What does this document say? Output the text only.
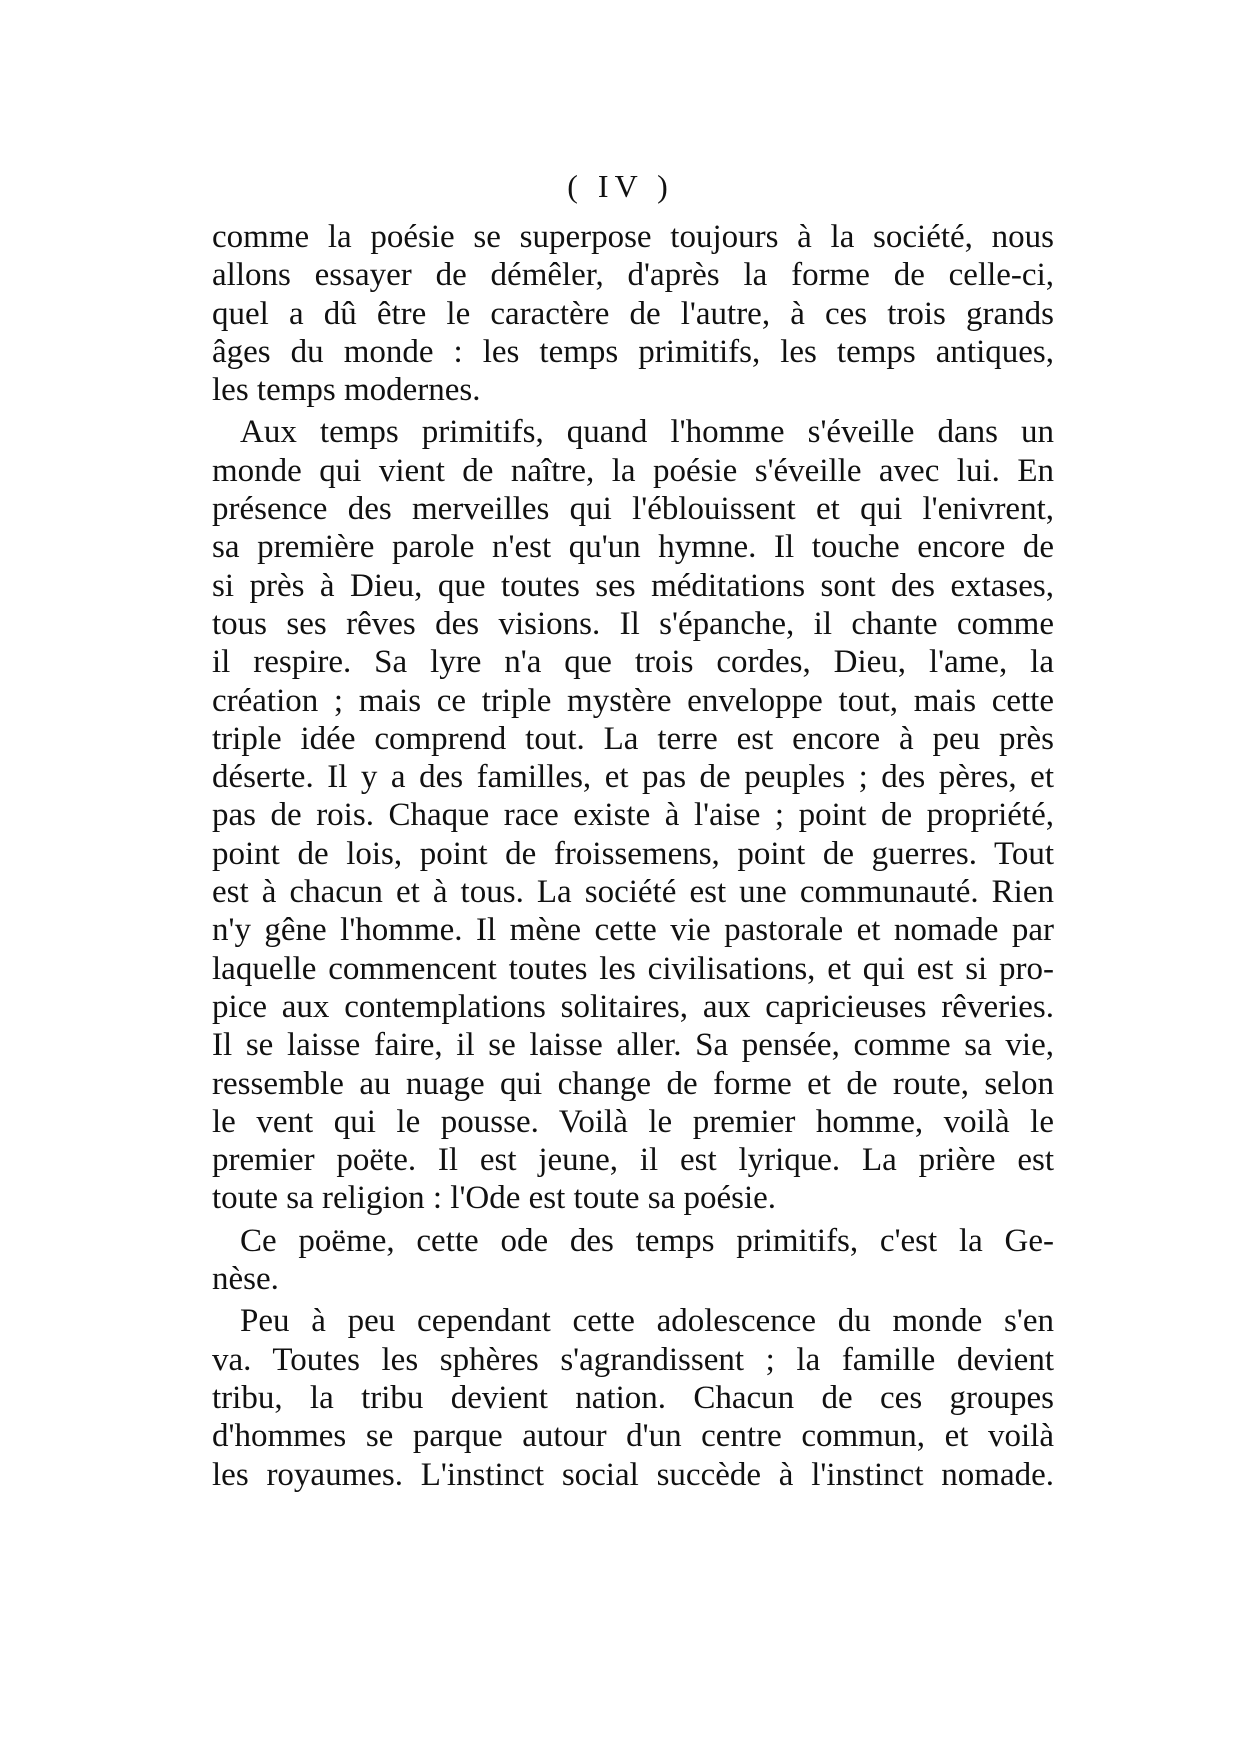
( IV )
comme la poésie se superpose toujours à la société, nous
allons essayer de démêler, d'après la forme de celle-ci,
quel a dû être le caractère de l'autre, à ces trois grands
âges du monde : les temps primitifs, les temps antiques,
les temps modernes.
Aux temps primitifs, quand l'homme s'éveille dans un
monde qui vient de naître, la poésie s'éveille avec lui. En
présence des merveilles qui l'éblouissent et qui l'enivrent,
sa première parole n'est qu'un hymne. Il touche encore de
si près à Dieu, que toutes ses méditations sont des extases,
tous ses rêves des visions. Il s'épanche, il chante comme
il respire. Sa lyre n'a que trois cordes, Dieu, l'ame, la
création ; mais ce triple mystère enveloppe tout, mais cette
triple idée comprend tout. La terre est encore à peu près
déserte. Il y a des familles, et pas de peuples ; des pères, et
pas de rois. Chaque race existe à l'aise ; point de propriété,
point de lois, point de froissemens, point de guerres. Tout
est à chacun et à tous. La société est une communauté. Rien
n'y gêne l'homme. Il mène cette vie pastorale et nomade par
laquelle commencent toutes les civilisations, et qui est si pro-
pice aux contemplations solitaires, aux capricieuses rêveries.
Il se laisse faire, il se laisse aller. Sa pensée, comme sa vie,
ressemble au nuage qui change de forme et de route, selon
le vent qui le pousse. Voilà le premier homme, voilà le
premier poëte. Il est jeune, il est lyrique. La prière est
toute sa religion : l'Ode est toute sa poésie.
Ce poëme, cette ode des temps primitifs, c'est la Ge-
nèse.
Peu à peu cependant cette adolescence du monde s'en
va. Toutes les sphères s'agrandissent ; la famille devient
tribu, la tribu devient nation. Chacun de ces groupes
d'hommes se parque autour d'un centre commun, et voilà
les royaumes. L'instinct social succède à l'instinct nomade.
